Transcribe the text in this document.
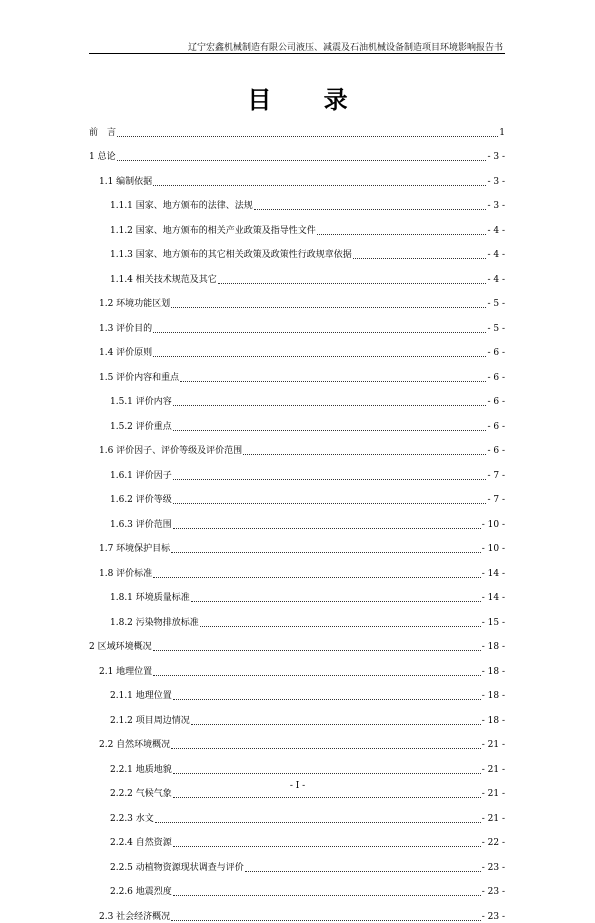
辽宁宏鑫机械制造有限公司液压、减震及石油机械设备制造项目环境影响报告书
目 录
前　言	1
1 总论	- 3 -
1.1 编制依据	- 3 -
1.1.1 国家、地方颁布的法律、法规	- 3 -
1.1.2 国家、地方颁布的相关产业政策及指导性文件	- 4 -
1.1.3 国家、地方颁布的其它相关政策及政策性行政规章依据	- 4 -
1.1.4 相关技术规范及其它	- 4 -
1.2 环境功能区划	- 5 -
1.3 评价目的	- 5 -
1.4 评价原则	- 6 -
1.5 评价内容和重点	- 6 -
1.5.1 评价内容	- 6 -
1.5.2 评价重点	- 6 -
1.6 评价因子、评价等级及评价范围	- 6 -
1.6.1 评价因子	- 7 -
1.6.2 评价等级	- 7 -
1.6.3 评价范围	- 10 -
1.7 环境保护目标	- 10 -
1.8 评价标准	- 14 -
1.8.1 环境质量标准	- 14 -
1.8.2 污染物排放标准	- 15 -
2 区域环境概况	- 18 -
2.1 地理位置	- 18 -
2.1.1 地理位置	- 18 -
2.1.2 项目周边情况	- 18 -
2.2 自然环境概况	- 21 -
2.2.1 地质地貌	- 21 -
2.2.2 气候气象	- 21 -
2.2.3 水文	- 21 -
2.2.4 自然资源	- 22 -
2.2.5 动植物资源现状调查与评价	- 23 -
2.2.6 地震烈度	- 23 -
2.3 社会经济概况	- 23 -
- I -
